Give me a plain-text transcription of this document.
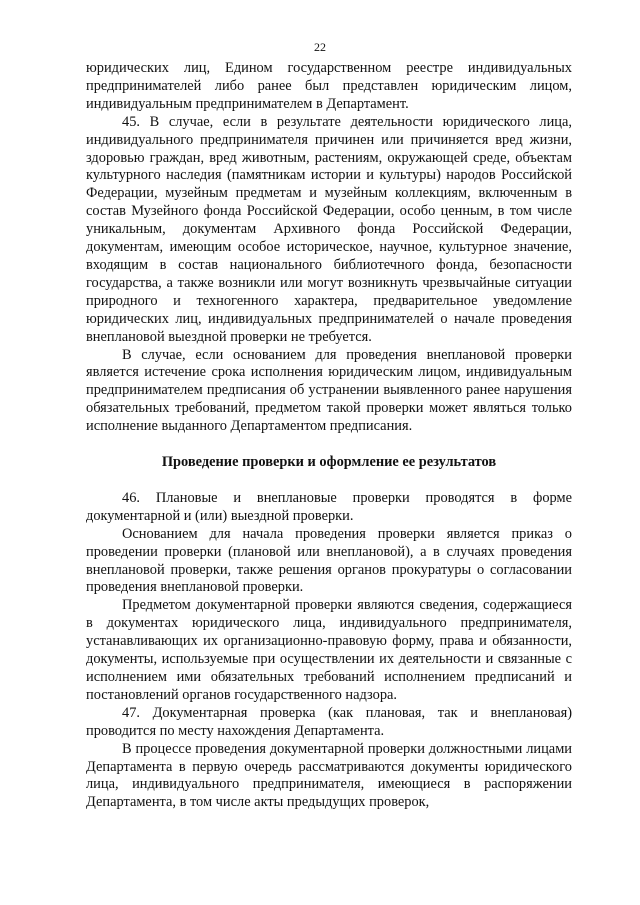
22

юридических лиц, Едином государственном реестре индивидуальных предпринимателей либо ранее был представлен юридическим лицом, индивидуальным предпринимателем в Департамент.

45. В случае, если в результате деятельности юридического лица, индивидуального предпринимателя причинен или причиняется вред жизни, здоровью граждан, вред животным, растениям, окружающей среде, объектам культурного наследия (памятникам истории и культуры) народов Российской Федерации, музейным предметам и музейным коллекциям, включенным в состав Музейного фонда Российской Федерации, особо ценным, в том числе уникальным, документам Архивного фонда Российской Федерации, документам, имеющим особое историческое, научное, культурное значение, входящим в состав национального библиотечного фонда, безопасности государства, а также возникли или могут возникнуть чрезвычайные ситуации природного и техногенного характера, предварительное уведомление юридических лиц, индивидуальных предпринимателей о начале проведения внеплановой выездной проверки не требуется.

В случае, если основанием для проведения внеплановой проверки является истечение срока исполнения юридическим лицом, индивидуальным предпринимателем предписания об устранении выявленного ранее нарушения обязательных требований, предметом такой проверки может являться только исполнение выданного Департаментом предписания.

Проведение проверки и оформление ее результатов

46. Плановые и внеплановые проверки проводятся в форме документарной и (или) выездной проверки.

Основанием для начала проведения проверки является приказ о проведении проверки (плановой или внеплановой), а в случаях проведения внеплановой проверки, также решения органов прокуратуры о согласовании проведения внеплановой проверки.

Предметом документарной проверки являются сведения, содержащиеся в документах юридического лица, индивидуального предпринимателя, устанавливающих их организационно-правовую форму, права и обязанности, документы, используемые при осуществлении их деятельности и связанные с исполнением ими обязательных требований исполнением предписаний и постановлений органов государственного надзора.

47. Документарная проверка (как плановая, так и внеплановая) проводится по месту нахождения Департамента.

В процессе проведения документарной проверки должностными лицами Департамента в первую очередь рассматриваются документы юридического лица, индивидуального предпринимателя, имеющиеся в распоряжении Департамента, в том числе акты предыдущих проверок,
